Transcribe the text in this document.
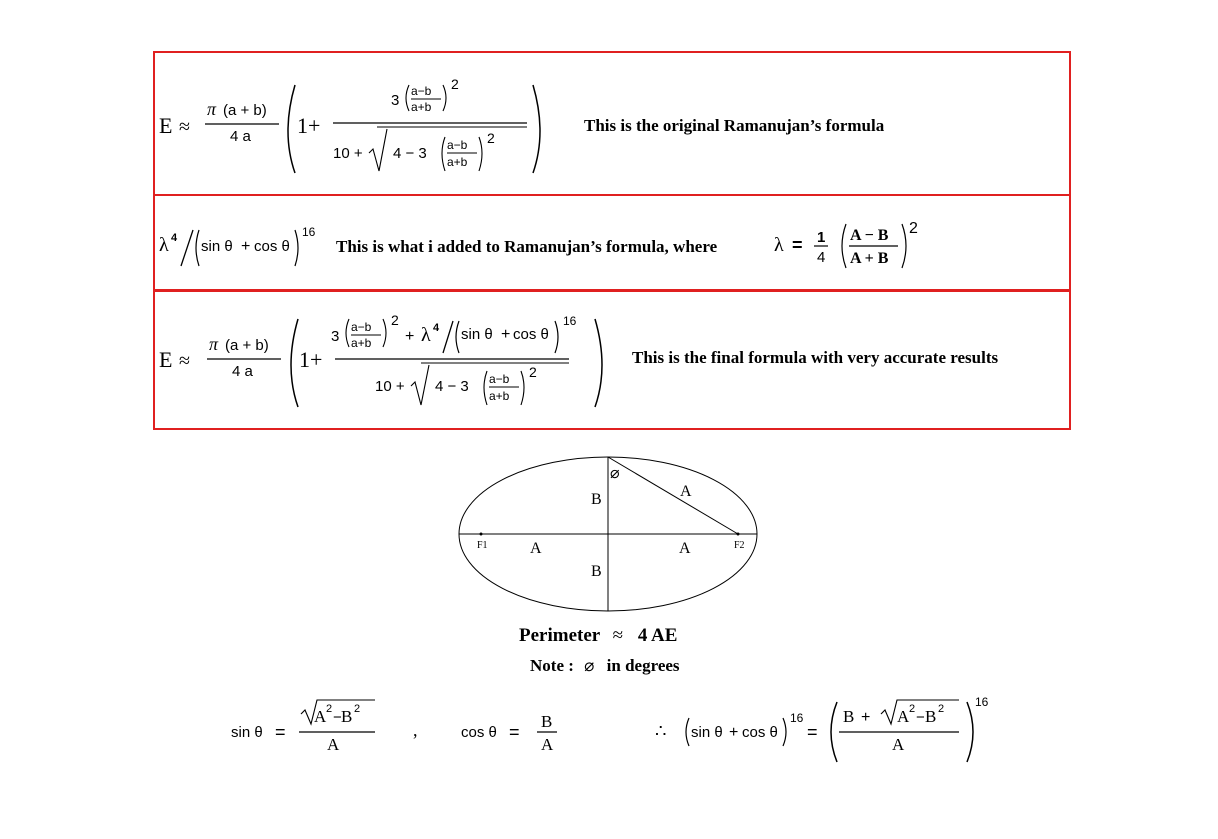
E ≈
π (a + b)
4 a 1+
3
a−b
a+b
2
10 + 4 − 3 a−b
a+b
2
This is the original Ramanujan’s formula
λ 4 sin θ + cos θ
16
This is what i added to Ramanujan’s formula, where	λ = 1
4
A − B
A + B
2
E ≈
π (a + b)
4 a 1+
3
a−b
a+b
2
+ λ 4 sin θ + cos θ
16
10 + 4 − 3 a−b
a+b
2
This is the final formula with very accurate results
⌀
A
B
F1	A	A	F2
B
Perimeter ≈ 4 AE
Note : ⌀ in degrees
sin θ =
A 2 − B 2
A
,	cos θ =
B
A
∴ sin θ + cos θ
16
=
B + A 2 − B 2
A
16
